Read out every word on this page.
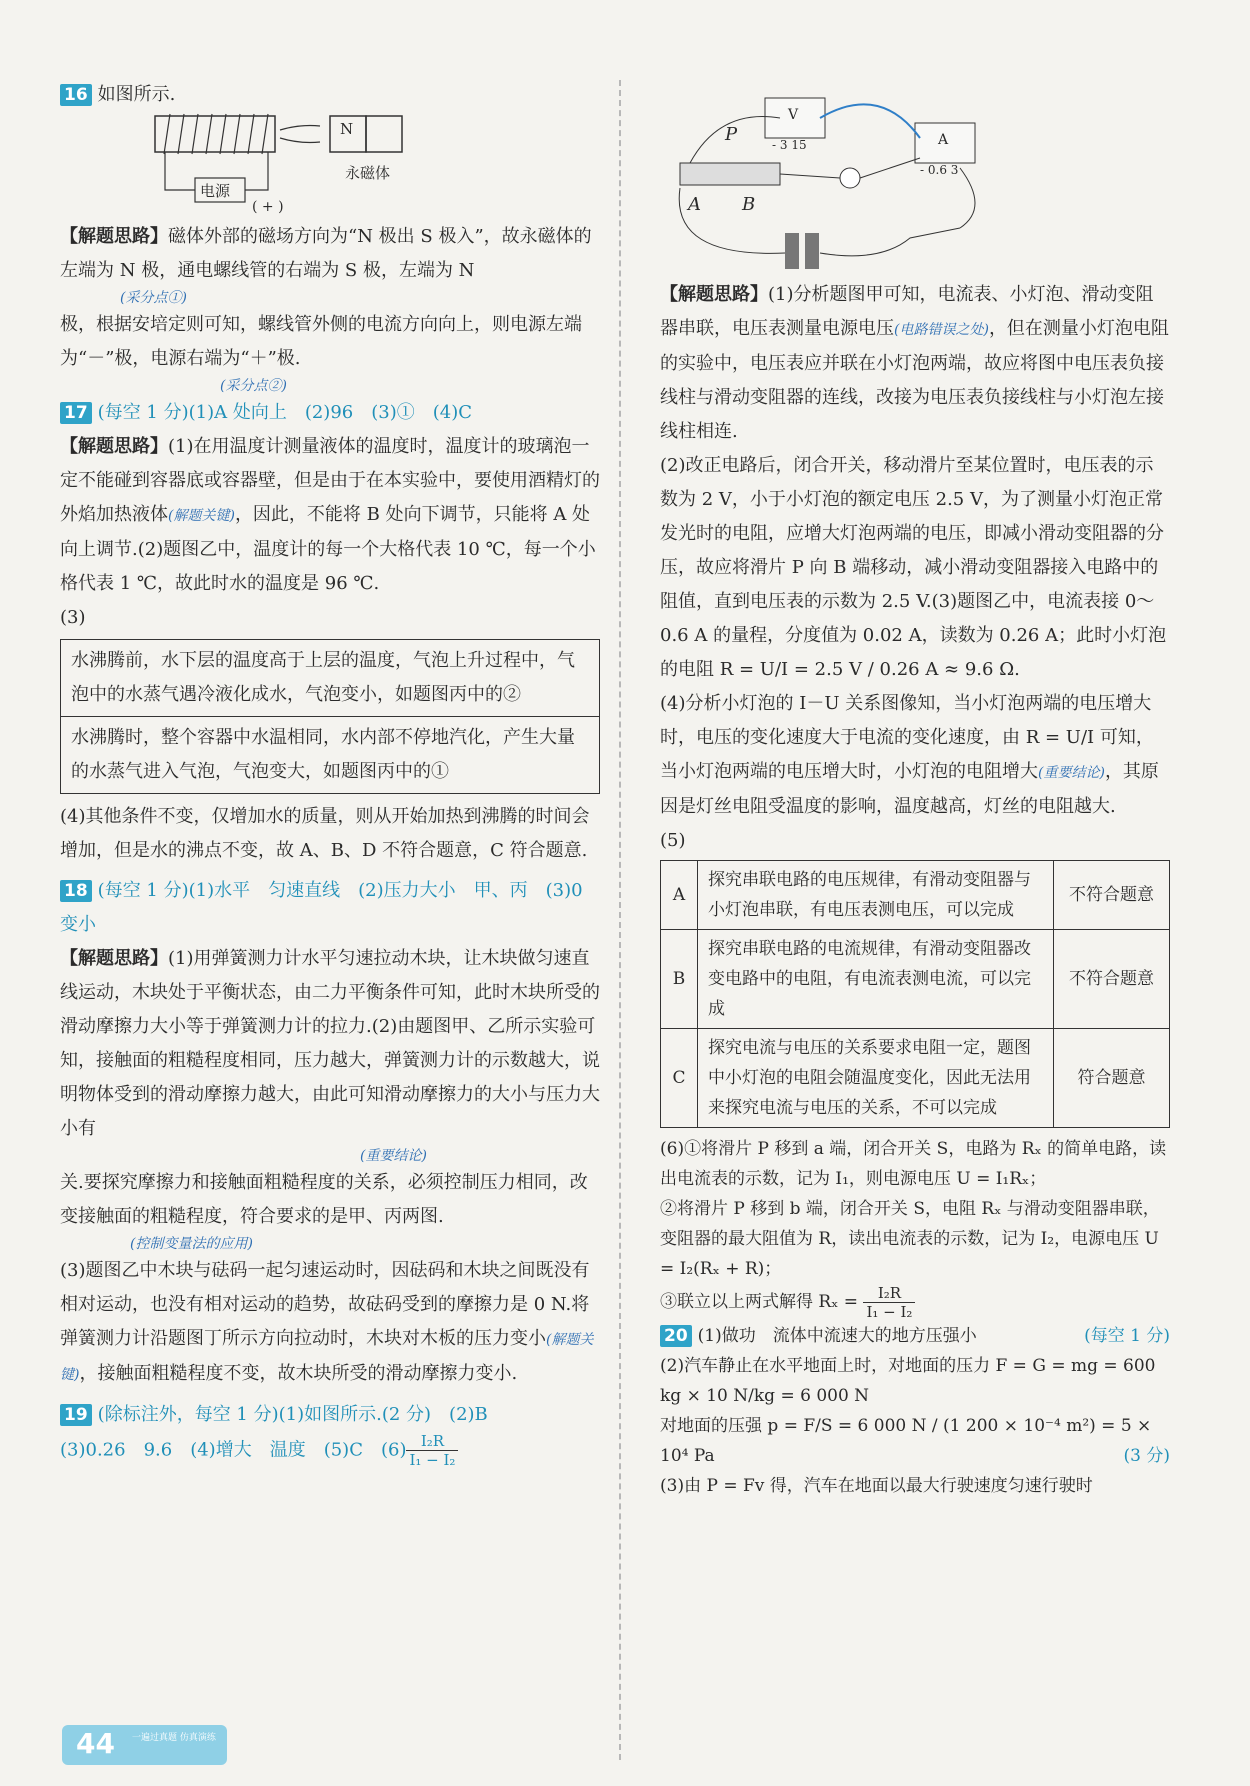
16 如图所示.

N
永磁体
电源
( + )

【解题思路】磁体外部的磁场方向为“N 极出 S 极入”，故永磁体的左端为 N 极，通电螺线管的右端为 S 极，左端为 N

(采分点①)

极，根据安培定则可知，螺线管外侧的电流方向向上，则电源左端为“－”极，电源右端为“＋”极.

(采分点②)

17 (每空 1 分)(1)A 处向上　(2)96　(3)①　(4)C

【解题思路】(1)在用温度计测量液体的温度时，温度计的玻璃泡一定不能碰到容器底或容器壁，但是由于在本实验中，要使用酒精灯的外焰加热液体(解题关键)，因此，不能将 B 处向下调节，只能将 A 处向上调节.(2)题图乙中，温度计的每一个大格代表 10 ℃，每一个小格代表 1 ℃，故此时水的温度是 96 ℃.

(3)

水沸腾前，水下层的温度高于上层的温度，气泡上升过程中，气泡中的水蒸气遇冷液化成水，气泡变小，如题图丙中的②
水沸腾时，整个容器中水温相同，水内部不停地汽化，产生大量的水蒸气进入气泡，气泡变大，如题图丙中的①

(4)其他条件不变，仅增加水的质量，则从开始加热到沸腾的时间会增加，但是水的沸点不变，故 A、B、D 不符合题意，C 符合题意.

18 (每空 1 分)(1)水平　匀速直线　(2)压力大小　甲、丙　(3)0　变小

【解题思路】(1)用弹簧测力计水平匀速拉动木块，让木块做匀速直线运动，木块处于平衡状态，由二力平衡条件可知，此时木块所受的滑动摩擦力大小等于弹簧测力计的拉力.(2)由题图甲、乙所示实验可知，接触面的粗糙程度相同，压力越大，弹簧测力计的示数越大，说明物体受到的滑动摩擦力越大，由此可知滑动摩擦力的大小与压力大小有

(重要结论)

关.要探究摩擦力和接触面粗糙程度的关系，必须控制压力相同，改变接触面的粗糙程度，符合要求的是甲、丙两图.

(控制变量法的应用)

(3)题图乙中木块与砝码一起匀速运动时，因砝码和木块之间既没有相对运动，也没有相对运动的趋势，故砝码受到的摩擦力是 0 N.将弹簧测力计沿题图丁所示方向拉动时，木块对木板的压力变小(解题关键)，接触面粗糙程度不变，故木块所受的滑动摩擦力变小.

19 (除标注外，每空 1 分)(1)如图所示.(2 分)　(2)B

(3)0.26　9.6　(4)增大　温度　(5)C　$(6) \frac{\text{I₂R}}{\text{I₁ − I₂}}$

P
A B
V
- 3 15	A
- 0.6 3

【解题思路】(1)分析题图甲可知，电流表、小灯泡、滑动变阻器串联，电压表测量电源电压(电路错误之处)，但在测量小灯泡电阻的实验中，电压表应并联在小灯泡两端，故应将图中电压表负接线柱与滑动变阻器的连线，改接为电压表负接线柱与小灯泡左接线柱相连.

(2)改正电路后，闭合开关，移动滑片至某位置时，电压表的示数为 2 V，小于小灯泡的额定电压 2.5 V，为了测量小灯泡正常发光时的电阻，应增大灯泡两端的电压，即减小滑动变阻器的分压，故应将滑片 P 向 B 端移动，减小滑动变阻器接入电路中的阻值，直到电压表的示数为 2.5 V.(3)题图乙中，电流表接 0～0.6 A 的量程，分度值为 0.02 A，读数为 0.26 A；此时小灯泡的电阻 R = U/I = 2.5 V / 0.26 A ≈ 9.6 Ω.

(4)分析小灯泡的 I－U 关系图像知，当小灯泡两端的电压增大时，电压的变化速度大于电流的变化速度，由 R = U/I 可知，当小灯泡两端的电压增大时，小灯泡的电阻增大(重要结论)，其原因是灯丝电阻受温度的影响，温度越高，灯丝的电阻越大.

(5)

A	探究串联电路的电压规律，有滑动变阻器与小灯泡串联，有电压表测电压，可以完成	不符合题意
B	探究串联电路的电流规律，有滑动变阻器改变电路中的电阻，有电流表测电流，可以完成	不符合题意
C	探究电流与电压的关系要求电阻一定，题图中小灯泡的电阻会随温度变化，因此无法用来探究电流与电压的关系，不可以完成	符合题意

(6)①将滑片 P 移到 a 端，闭合开关 S，电路为 Rₓ 的简单电路，读出电流表的示数，记为 I₁，则电源电压 U = I₁Rₓ；

②将滑片 P 移到 b 端，闭合开关 S，电阻 Rₓ 与滑动变阻器串联，变阻器的最大阻值为 R，读出电流表的示数，记为 I₂，电源电压 U = I₂(Rₓ + R)；

③联立以上两式解得 $R_x = \frac{\text{I₂R}}{\text{I₁ − I₂}}$

20 (1)做功　流体中流速大的地方压强小	(每空 1 分)

(2)汽车静止在水平地面上时，对地面的压力 F = G = mg = 600 kg × 10 N/kg = 6 000 N

对地面的压强 p = F/S = 6 000 N / (1 200 × 10⁻⁴ m²) = 5 × 10⁴ Pa	(3 分)

(3)由 P = Fv 得，汽车在地面以最大行驶速度匀速行驶时

44 一遍过真题 仿真演练
